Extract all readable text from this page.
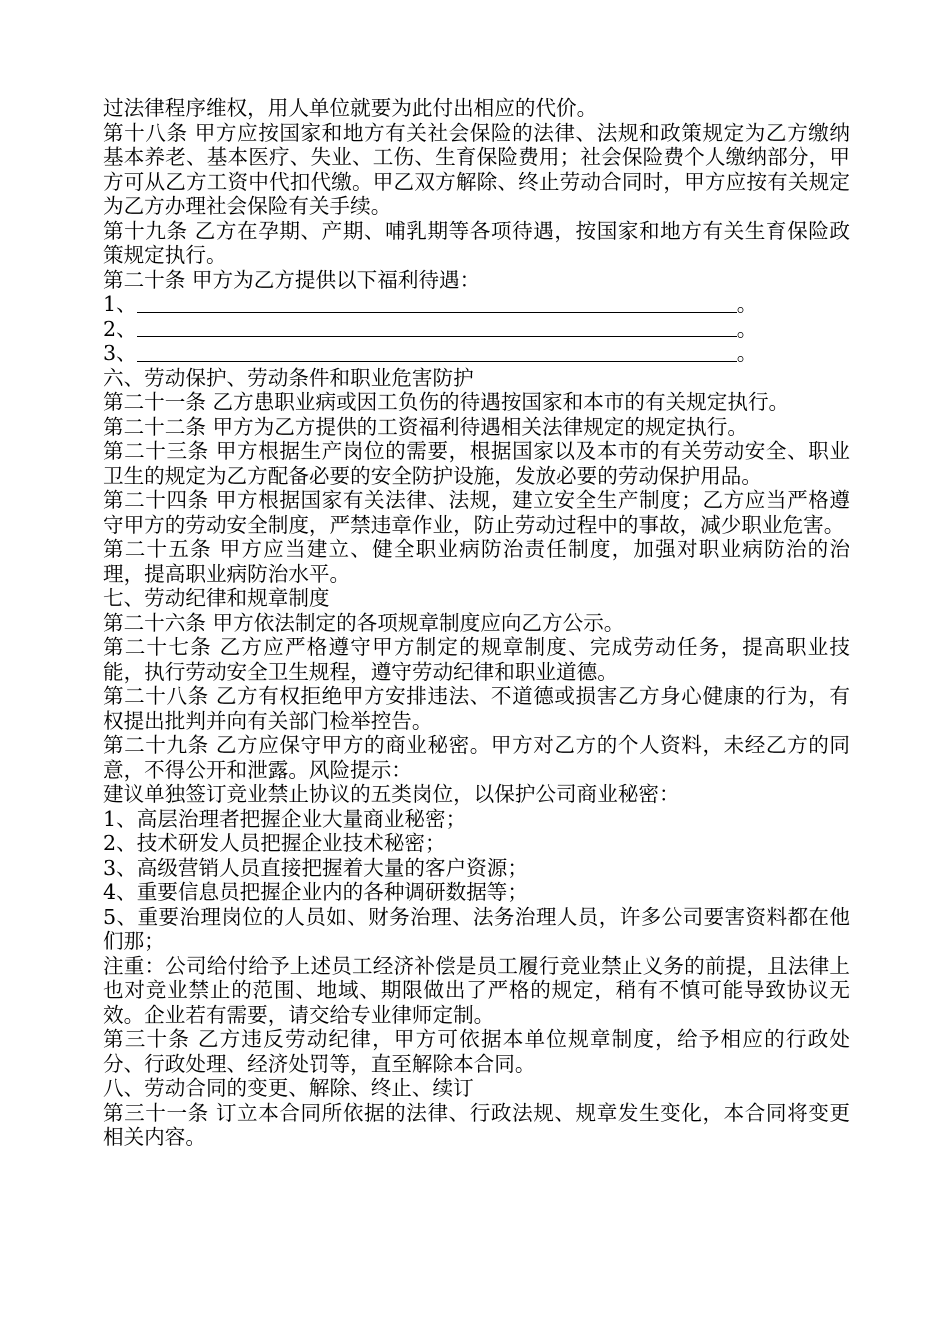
过法律程序维权，用人单位就要为此付出相应的代价。

第十八条 甲方应按国家和地方有关社会保险的法律、法规和政策规定为乙方缴纳基本养老、基本医疗、失业、工伤、生育保险费用；社会保险费个人缴纳部分，甲方可从乙方工资中代扣代缴。甲乙双方解除、终止劳动合同时，甲方应按有关规定为乙方办理社会保险有关手续。

第十九条 乙方在孕期、产期、哺乳期等各项待遇，按国家和地方有关生育保险政策规定执行。

第二十条 甲方为乙方提供以下福利待遇：

1、	。
2、	。
3、	。

六、劳动保护、劳动条件和职业危害防护

第二十一条 乙方患职业病或因工负伤的待遇按国家和本市的有关规定执行。

第二十二条 甲方为乙方提供的工资福利待遇相关法律规定的规定执行。

第二十三条 甲方根据生产岗位的需要，根据国家以及本市的有关劳动安全、职业卫生的规定为乙方配备必要的安全防护设施，发放必要的劳动保护用品。

第二十四条 甲方根据国家有关法律、法规，建立安全生产制度；乙方应当严格遵守甲方的劳动安全制度，严禁违章作业，防止劳动过程中的事故，减少职业危害。

第二十五条 甲方应当建立、健全职业病防治责任制度，加强对职业病防治的治理，提高职业病防治水平。

七、劳动纪律和规章制度

第二十六条 甲方依法制定的各项规章制度应向乙方公示。

第二十七条 乙方应严格遵守甲方制定的规章制度、完成劳动任务，提高职业技能，执行劳动安全卫生规程，遵守劳动纪律和职业道德。

第二十八条 乙方有权拒绝甲方安排违法、不道德或损害乙方身心健康的行为，有权提出批判并向有关部门检举控告。

第二十九条 乙方应保守甲方的商业秘密。甲方对乙方的个人资料，未经乙方的同意，不得公开和泄露。风险提示：

建议单独签订竞业禁止协议的五类岗位，以保护公司商业秘密：

1、高层治理者把握企业大量商业秘密；

2、技术研发人员把握企业技术秘密；

3、高级营销人员直接把握着大量的客户资源；

4、重要信息员把握企业内的各种调研数据等；

5、重要治理岗位的人员如、财务治理、法务治理人员，许多公司要害资料都在他们那；

注重：公司给付给予上述员工经济补偿是员工履行竞业禁止义务的前提，且法律上也对竞业禁止的范围、地域、期限做出了严格的规定，稍有不慎可能导致协议无效。企业若有需要，请交给专业律师定制。

第三十条 乙方违反劳动纪律，甲方可依据本单位规章制度，给予相应的行政处分、行政处理、经济处罚等，直至解除本合同。

八、劳动合同的变更、解除、终止、续订

第三十一条 订立本合同所依据的法律、行政法规、规章发生变化，本合同将变更相关内容。
